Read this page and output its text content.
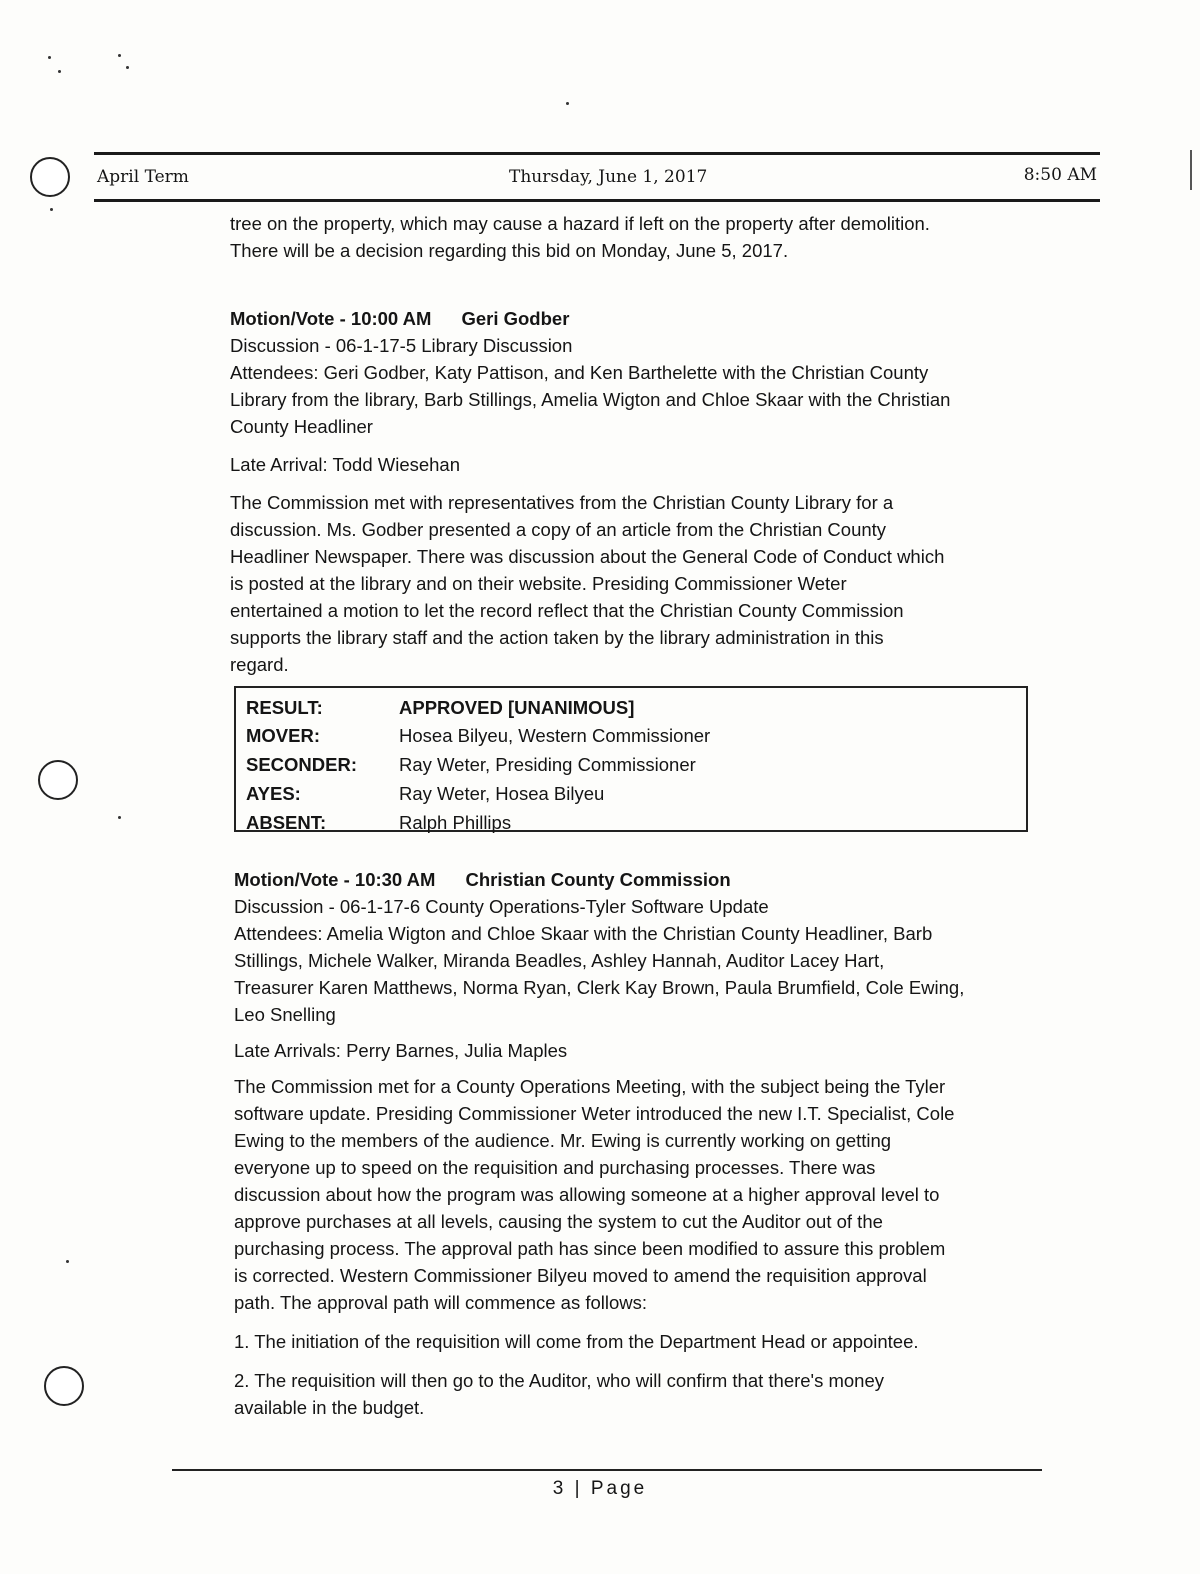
April Term	Thursday, June 1, 2017	8:50 AM
tree on the property, which may cause a hazard if left on the property after demolition.
There will be a decision regarding this bid on Monday, June 5, 2017.
Motion/Vote - 10:00 AM Geri Godber
Discussion - 06-1-17-5 Library Discussion
Attendees: Geri Godber, Katy Pattison, and Ken Barthelette with the Christian County
Library from the library, Barb Stillings, Amelia Wigton and Chloe Skaar with the Christian
County Headliner
Late Arrival: Todd Wiesehan
The Commission met with representatives from the Christian County Library for a
discussion. Ms. Godber presented a copy of an article from the Christian County
Headliner Newspaper. There was discussion about the General Code of Conduct which
is posted at the library and on their website. Presiding Commissioner Weter
entertained a motion to let the record reflect that the Christian County Commission
supports the library staff and the action taken by the library administration in this
regard.
RESULT:	APPROVED [UNANIMOUS]
MOVER:	Hosea Bilyeu, Western Commissioner
SECONDER:	Ray Weter, Presiding Commissioner
AYES:	Ray Weter, Hosea Bilyeu
ABSENT:	Ralph Phillips
Motion/Vote - 10:30 AM Christian County Commission
Discussion - 06-1-17-6 County Operations-Tyler Software Update
Attendees: Amelia Wigton and Chloe Skaar with the Christian County Headliner, Barb
Stillings, Michele Walker, Miranda Beadles, Ashley Hannah, Auditor Lacey Hart,
Treasurer Karen Matthews, Norma Ryan, Clerk Kay Brown, Paula Brumfield, Cole Ewing,
Leo Snelling
Late Arrivals: Perry Barnes, Julia Maples
The Commission met for a County Operations Meeting, with the subject being the Tyler
software update. Presiding Commissioner Weter introduced the new I.T. Specialist, Cole
Ewing to the members of the audience. Mr. Ewing is currently working on getting
everyone up to speed on the requisition and purchasing processes. There was
discussion about how the program was allowing someone at a higher approval level to
approve purchases at all levels, causing the system to cut the Auditor out of the
purchasing process. The approval path has since been modified to assure this problem
is corrected. Western Commissioner Bilyeu moved to amend the requisition approval
path. The approval path will commence as follows:
1. The initiation of the requisition will come from the Department Head or appointee.
2. The requisition will then go to the Auditor, who will confirm that there's money
available in the budget.
3 | Page
